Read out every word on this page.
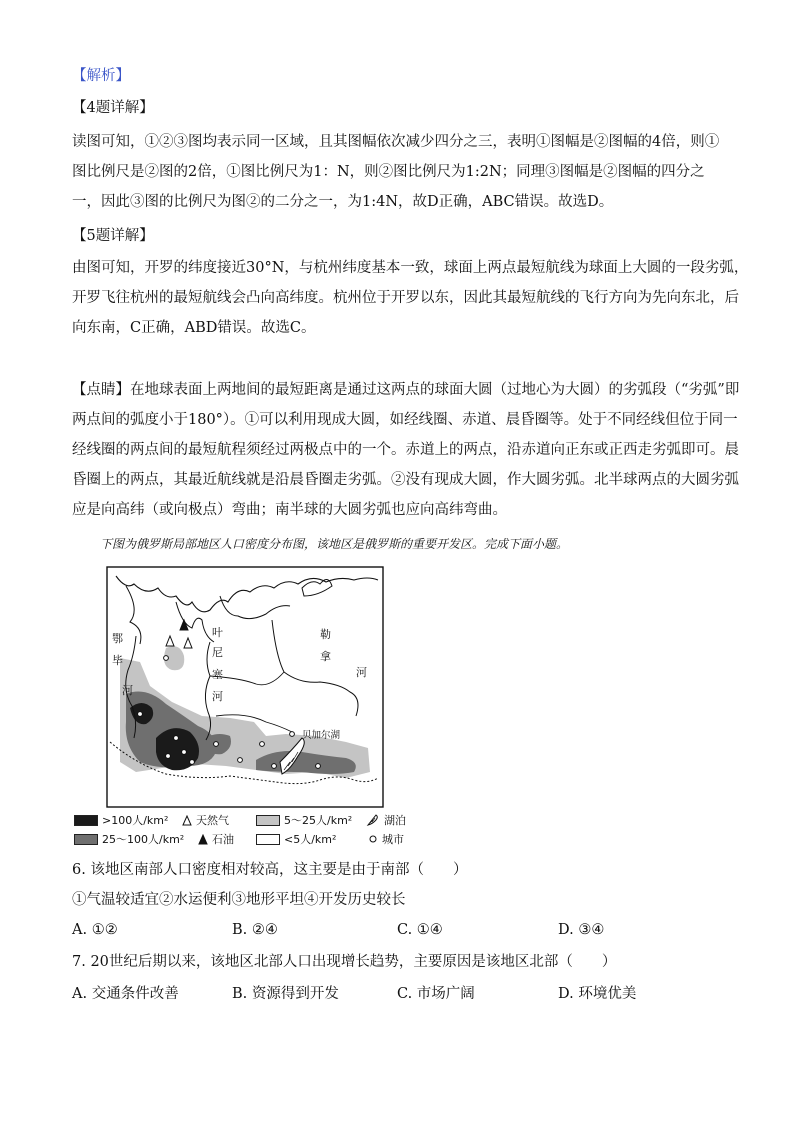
【解析】
【4题详解】
读图可知，①②③图均表示同一区域，且其图幅依次减少四分之三，表明①图幅是②图幅的4倍，则①
图比例尺是②图的2倍，①图比例尺为1：N，则②图比例尺为1:2N；同理③图幅是②图幅的四分之
一，因此③图的比例尺为图②的二分之一，为1:4N，故D正确，ABC错误。故选D。
【5题详解】
由图可知，开罗的纬度接近30°N，与杭州纬度基本一致，球面上两点最短航线为球面上大圆的一段劣弧，
开罗飞往杭州的最短航线会凸向高纬度。杭州位于开罗以东，因此其最短航线的飞行方向为先向东北，后
向东南，C正确，ABD错误。故选C。
【点睛】在地球表面上两地间的最短距离是通过这两点的球面大圆（过地心为大圆）的劣弧段（“劣弧”即
两点间的弧度小于180°）。①可以利用现成大圆，如经线圈、赤道、晨昏圈等。处于不同经线但位于同一
经线圈的两点间的最短航程须经过两极点中的一个。赤道上的两点，沿赤道向正东或正西走劣弧即可。晨
昏圈上的两点，其最近航线就是沿晨昏圈走劣弧。②没有现成大圆，作大圆劣弧。北半球两点的大圆劣弧
应是向高纬（或向极点）弯曲；南半球的大圆劣弧也应向高纬弯曲。
下图为俄罗斯局部地区人口密度分布图，该地区是俄罗斯的重要开发区。完成下面小题。
鄂
毕
河
叶
尼
塞
河
勒
拿
河
贝加尔湖
>100人/km²
25～100人/km²
天然气
石油
5～25人/km²
<5人/km²
湖泊
城市
6. 该地区南部人口密度相对较高，这主要是由于南部（　　）
①气温较适宜②水运便利③地形平坦④开发历史较长
A. ①②	B. ②④	C. ①④	D. ③④
7. 20世纪后期以来，该地区北部人口出现增长趋势，主要原因是该地区北部（　　）
A. 交通条件改善	B. 资源得到开发	C. 市场广阔	D. 环境优美
